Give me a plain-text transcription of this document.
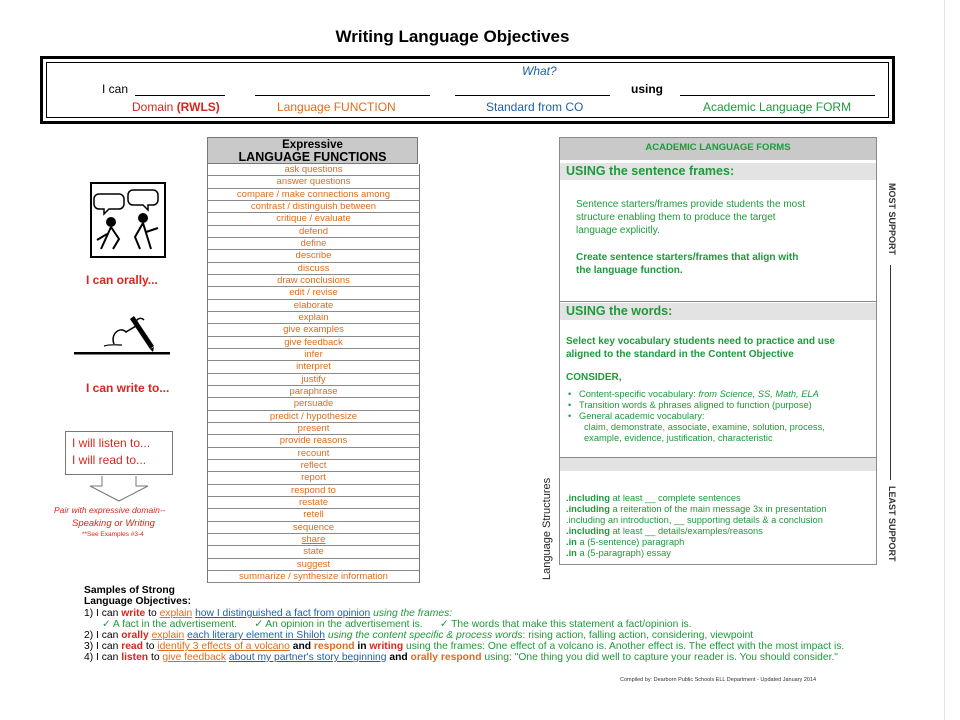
Writing Language Objectives
What?
I can	using
Domain (RWLS)	Language FUNCTION	Standard from CO	Academic Language FORM
I can orally...
I can write to...
I will listen to...
I will read to...
Pair with expressive domain--
Speaking or Writing
**See Examples #3-4
Expressive
LANGUAGE FUNCTIONS
ask questions
answer questions
compare / make connections among
contrast / distinguish between
critique / evaluate
defend
define
describe
discuss
draw conclusions
edit / revise
elaborate
explain
give examples
give feedback
infer
interpret
justify
paraphrase
persuade
predict / hypothesize
present
provide reasons
recount
reflect
report
respond to
restate
retell
sequence
share
state
suggest
summarize / synthesize information
ACADEMIC LANGUAGE FORMS
USING the sentence frames:
Sentence starters/frames provide students the most
structure enabling them to produce the target
language explicitly.
Create sentence starters/frames that align with
the language function.
USING the words:
Select key vocabulary students need to practice and use
aligned to the standard in the Content Objective
CONSIDER,
•   Content-specific vocabulary: from Science, SS, Math, ELA
•   Transition words & phrases aligned to function (purpose)
•   General academic vocabulary:
claim, demonstrate, associate, examine, solution, process,
example, evidence, justification, characteristic
.including at least __ complete sentences
.including a reiteration of the main message 3x in presentation
.including an introduction, __ supporting details & a conclusion
.including at least __ details/examples/reasons
.in a (5-sentence) paragraph
.in a (5-paragraph) essay
Language Structures
MOST SUPPORT
LEAST SUPPORT
Samples of Strong
Language Objectives:
1) I can write to explain how I distinguished a fact from opinion using the frames:
✓ A fact in the advertisement. ✓ An opinion in the advertisement is. ✓ The words that make this statement a fact/opinion is.
2) I can orally explain each literary element in Shiloh using the content specific & process words: rising action, falling action, considering, viewpoint
3) I can read to identify 3 effects of a volcano and respond in writing using the frames: One effect of a volcano is. Another effect is. The effect with the most impact is.
4) I can listen to give feedback about my partner's story beginning and orally respond using: "One thing you did well to capture your reader is. You should consider."
Compiled by: Dearborn Public Schools ELL Department - Updated January 2014
